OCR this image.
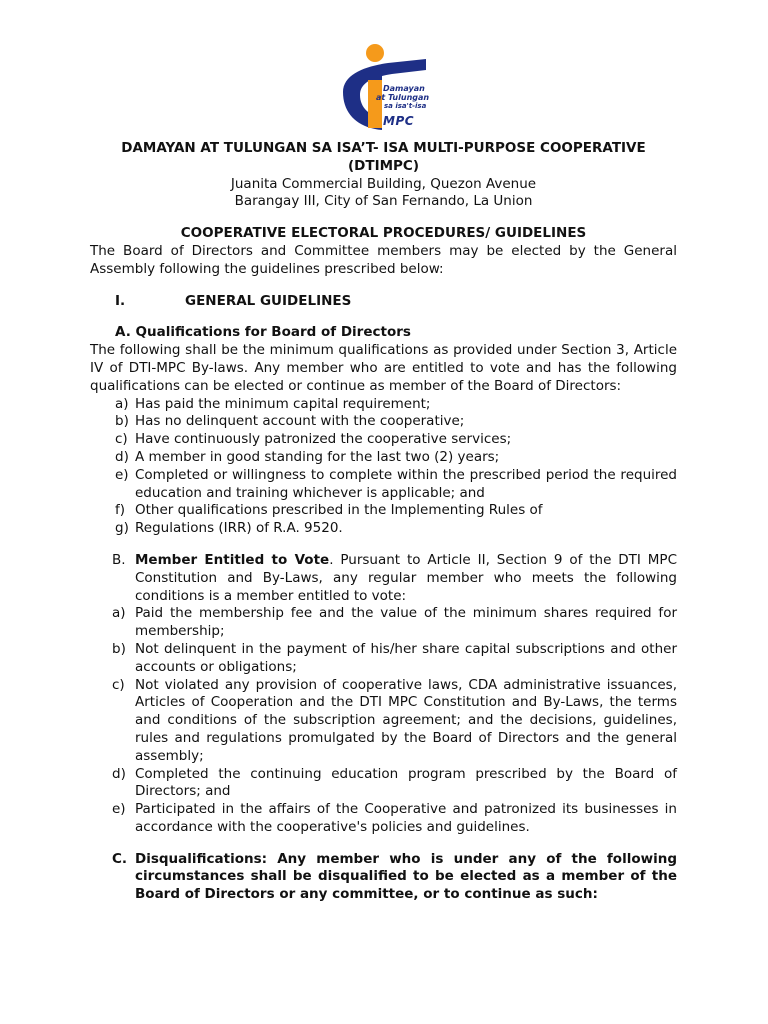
Damayan
at Tulungan
sa isa't-isa
MPC

DAMAYAN AT TULUNGAN SA ISA’T- ISA MULTI-PURPOSE COOPERATIVE

(DTIMPC)

Juanita Commercial Building, Quezon Avenue

Barangay III, City of San Fernando, La Union

COOPERATIVE ELECTORAL PROCEDURES/ GUIDELINES

The Board of Directors and Committee members may be elected by the General Assembly following the guidelines prescribed below:

I.	GENERAL GUIDELINES

A. Qualifications for Board of Directors

The following shall be the minimum qualifications as provided under Section 3, Article IV of DTI-MPC By-laws. Any member who are entitled to vote and has the following qualifications can be elected or continue as member of the Board of Directors:

a) Has paid the minimum capital requirement;
b) Has no delinquent account with the cooperative;
c) Have continuously patronized the cooperative services;
d) A member in good standing for the last two (2) years;
e) Completed or willingness to complete within the prescribed period the required education and training whichever is applicable; and
f) Other qualifications prescribed in the Implementing Rules of
g) Regulations (IRR) of R.A. 9520.
B. Member Entitled to Vote. Pursuant to Article II, Section 9 of the DTI MPC Constitution and By-Laws, any regular member who meets the following conditions is a member entitled to vote:
a) Paid the membership fee and the value of the minimum shares required for membership;
b) Not delinquent in the payment of his/her share capital subscriptions and other accounts or obligations;
c) Not violated any provision of cooperative laws, CDA administrative issuances, Articles of Cooperation and the DTI MPC Constitution and By-Laws, the terms and conditions of the subscription agreement; and the decisions, guidelines, rules and regulations promulgated by the Board of Directors and the general assembly;
d) Completed the continuing education program prescribed by the Board of Directors; and
e) Participated in the affairs of the Cooperative and patronized its businesses in accordance with the cooperative's policies and guidelines.
C. Disqualifications: Any member who is under any of the following circumstances shall be disqualified to be elected as a member of the Board of Directors or any committee, or to continue as such:
